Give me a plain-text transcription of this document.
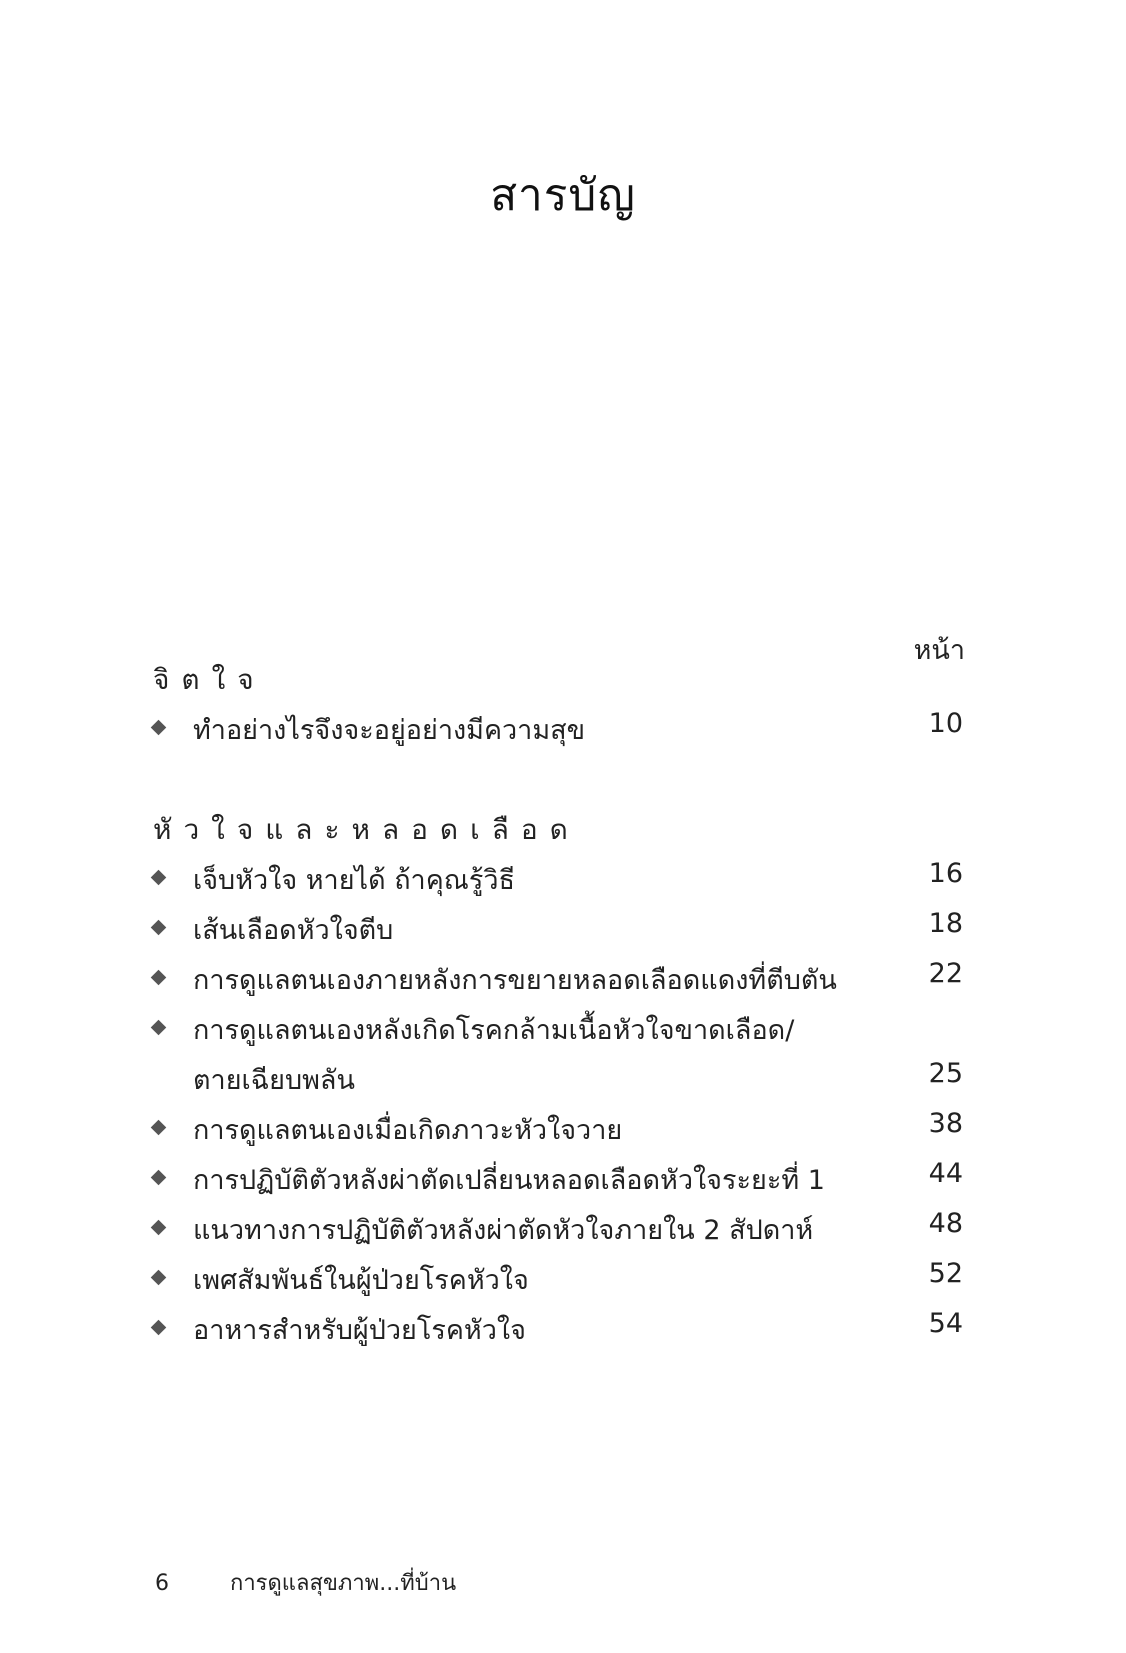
สารบัญ
หน้า
จิตใจ
ทำอย่างไรจึงจะอยู่อย่างมีความสุข	10
หัวใจและหลอดเลือด
เจ็บหัวใจ หายได้ ถ้าคุณรู้วิธี	16
เส้นเลือดหัวใจตีบ	18
การดูแลตนเองภายหลังการขยายหลอดเลือดแดงที่ตีบตัน	22
การดูแลตนเองหลังเกิดโรคกล้ามเนื้อหัวใจขาดเลือด/
ตายเฉียบพลัน	25
การดูแลตนเองเมื่อเกิดภาวะหัวใจวาย	38
การปฏิบัติตัวหลังผ่าตัดเปลี่ยนหลอดเลือดหัวใจระยะที่ 1	44
แนวทางการปฏิบัติตัวหลังผ่าตัดหัวใจภายใน 2 สัปดาห์	48
เพศสัมพันธ์ในผู้ป่วยโรคหัวใจ	52
อาหารสำหรับผู้ป่วยโรคหัวใจ	54
6	การดูแลสุขภาพ...ที่บ้าน
